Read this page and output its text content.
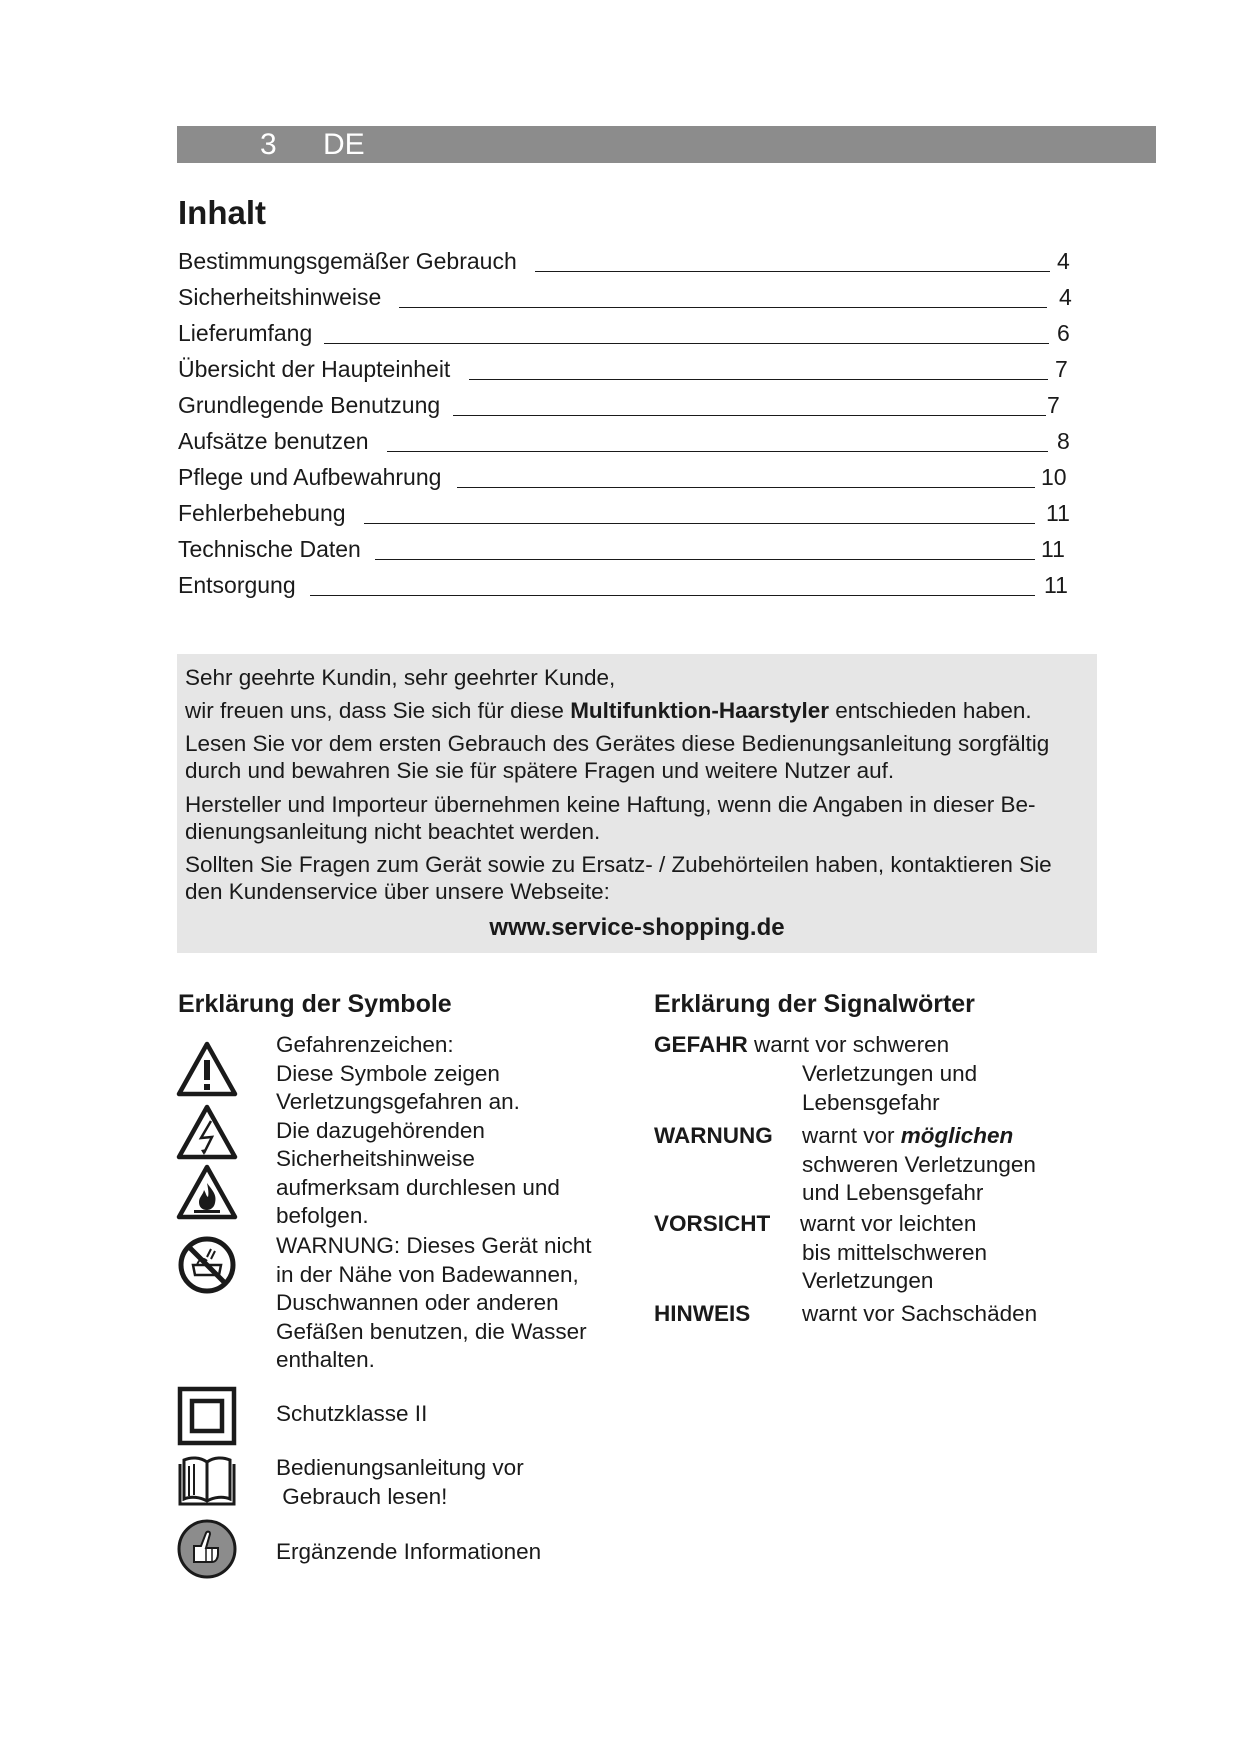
3 DE
Inhalt
Bestimmungsgemäßer Gebrauch	4
Sicherheitshinweise	4
Lieferumfang	6
Übersicht der Haupteinheit	7
Grundlegende Benutzung	7
Aufsätze benutzen	8
Pflege und Aufbewahrung	10
Fehlerbehebung	11
Technische Daten	11
Entsorgung	11

Sehr geehrte Kundin, sehr geehrter Kunde,

wir freuen uns, dass Sie sich für diese Multifunktion-Haarstyler entschieden haben.

Lesen Sie vor dem ersten Gebrauch des Gerätes diese Bedienungsanleitung sorgfältig durch und bewahren Sie sie für spätere Fragen und weitere Nutzer auf.

Hersteller und Importeur übernehmen keine Haftung, wenn die Angaben in dieser Be-dienungsanleitung nicht beachtet werden.

Sollten Sie Fragen zum Gerät sowie zu Ersatz- / Zubehörteilen haben, kontaktieren Sie den Kundenservice über unsere Webseite:

www.service-shopping.de

Erklärung der Symbole
Gefahrenzeichen:
Diese Symbole zeigen
Verletzungsgefahren an.
Die dazugehörenden
Sicherheitshinweise
aufmerksam durchlesen und
befolgen.
WARNUNG: Dieses Gerät nicht
in der Nähe von Badewannen,
Duschwannen oder anderen
Gefäßen benutzen, die Wasser
enthalten.
Schutzklasse II
Bedienungsanleitung vor
Gebrauch lesen!
Ergänzende Informationen
Erklärung der Signalwörter
GEFAHR warnt vor schweren
Verletzungen und
Lebensgefahr
WARNUNG warnt vor möglichen
schweren Verletzungen
und Lebensgefahr
VORSICHT warnt vor leichten
bis mittelschweren
Verletzungen
HINWEIS warnt vor Sachschäden
